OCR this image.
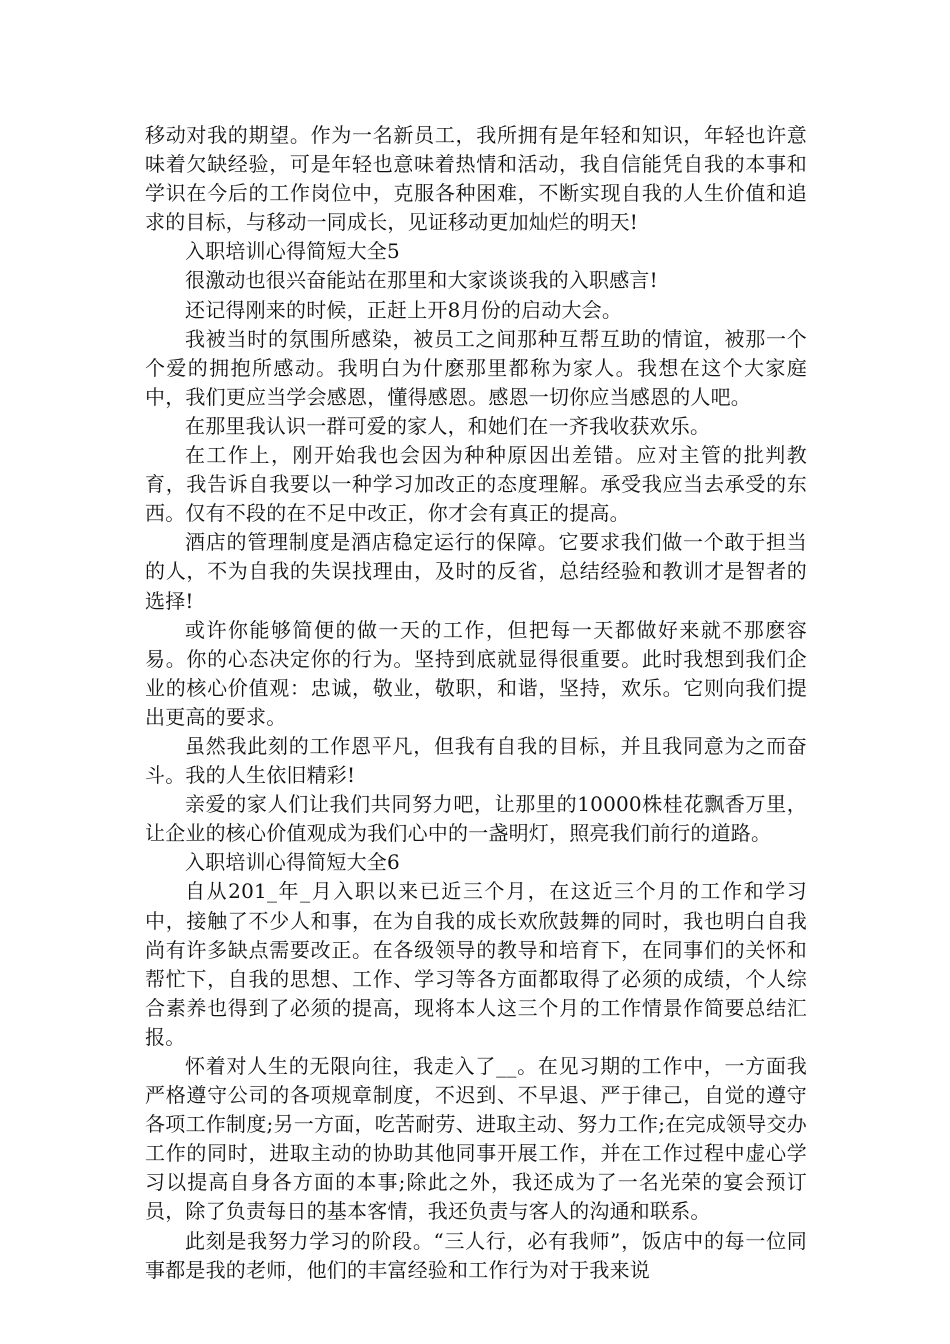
移动对我的期望。作为一名新员工，我所拥有是年轻和知识，年轻也许意味着欠缺经验，可是年轻也意味着热情和活动，我自信能凭自我的本事和学识在今后的工作岗位中，克服各种困难，不断实现自我的人生价值和追求的目标，与移动一同成长，见证移动更加灿烂的明天!

入职培训心得简短大全5

很激动也很兴奋能站在那里和大家谈谈我的入职感言!

还记得刚来的时候，正赶上开8月份的启动大会。

我被当时的氛围所感染，被员工之间那种互帮互助的情谊，被那一个个爱的拥抱所感动。我明白为什麽那里都称为家人。我想在这个大家庭中，我们更应当学会感恩，懂得感恩。感恩一切你应当感恩的人吧。

在那里我认识一群可爱的家人，和她们在一齐我收获欢乐。

在工作上，刚开始我也会因为种种原因出差错。应对主管的批判教育，我告诉自我要以一种学习加改正的态度理解。承受我应当去承受的东西。仅有不段的在不足中改正，你才会有真正的提高。

酒店的管理制度是酒店稳定运行的保障。它要求我们做一个敢于担当的人，不为自我的失误找理由，及时的反省，总结经验和教训才是智者的选择!

或许你能够简便的做一天的工作，但把每一天都做好来就不那麽容易。你的心态决定你的行为。坚持到底就显得很重要。此时我想到我们企业的核心价值观：忠诚，敬业，敬职，和谐，坚持，欢乐。它则向我们提出更高的要求。

虽然我此刻的工作恩平凡，但我有自我的目标，并且我同意为之而奋斗。我的人生依旧精彩!

亲爱的家人们让我们共同努力吧，让那里的10000株桂花飘香万里，让企业的核心价值观成为我们心中的一盏明灯，照亮我们前行的道路。

入职培训心得简短大全6

自从201_年_月入职以来已近三个月，在这近三个月的工作和学习中，接触了不少人和事，在为自我的成长欢欣鼓舞的同时，我也明白自我尚有许多缺点需要改正。在各级领导的教导和培育下，在同事们的关怀和帮忙下，自我的思想、工作、学习等各方面都取得了必须的成绩，个人综合素养也得到了必须的提高，现将本人这三个月的工作情景作简要总结汇报。

怀着对人生的无限向往，我走入了__。在见习期的工作中，一方面我严格遵守公司的各项规章制度，不迟到、不早退、严于律己，自觉的遵守各项工作制度;另一方面，吃苦耐劳、进取主动、努力工作;在完成领导交办工作的同时，进取主动的协助其他同事开展工作，并在工作过程中虚心学习以提高自身各方面的本事;除此之外，我还成为了一名光荣的宴会预订员，除了负责每日的基本客情，我还负责与客人的沟通和联系。

此刻是我努力学习的阶段。“三人行，必有我师”，饭店中的每一位同事都是我的老师，他们的丰富经验和工作行为对于我来说
